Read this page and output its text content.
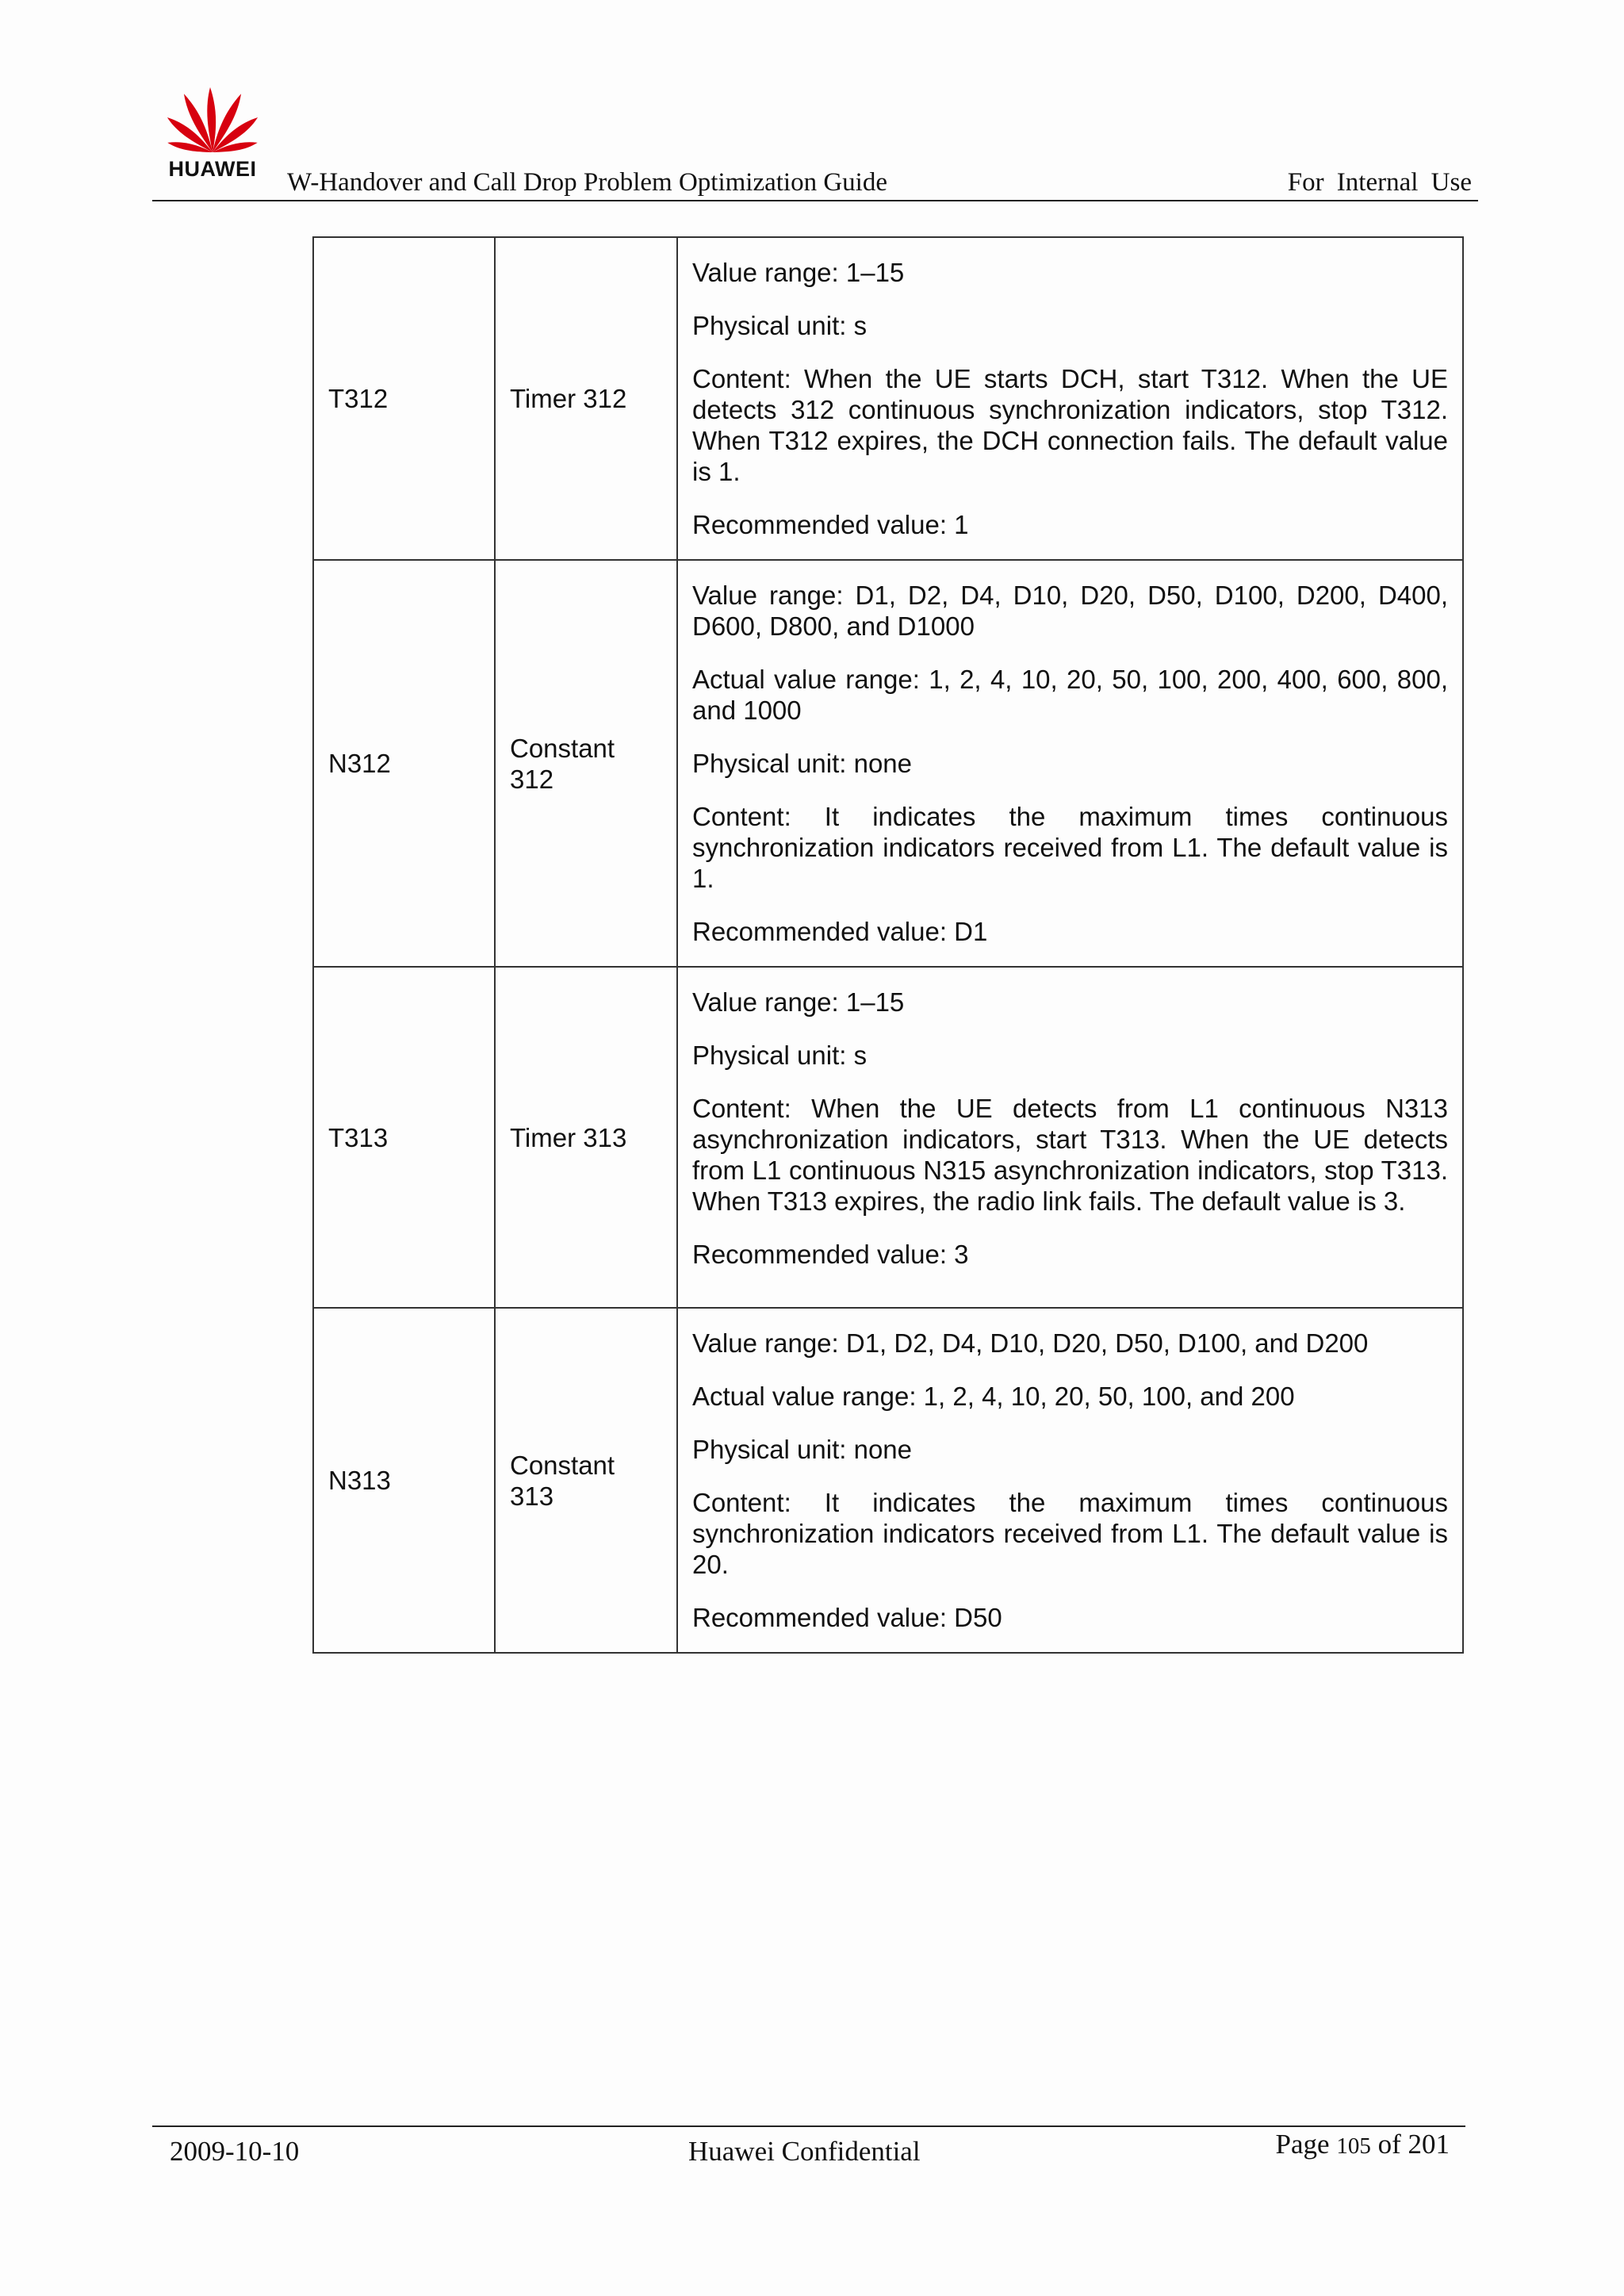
HUAWEI	W-Handover and Call Drop Problem Optimization Guide	For Internal Use
T312	Timer 312	Value range: 1–15

Physical unit: s

Content: When the UE starts DCH, start T312. When the UE detects 312 continuous synchronization indicators, stop T312. When T312 expires, the DCH connection fails. The default value is 1.

Recommended value: 1

N312	Constant 312	Value range: D1, D2, D4, D10, D20, D50, D100, D200, D400, D600, D800, and D1000

Actual value range: 1, 2, 4, 10, 20, 50, 100, 200, 400, 600, 800, and 1000

Physical unit: none

Content: It indicates the maximum times continuous synchronization indicators received from L1. The default value is 1.

Recommended value: D1

T313	Timer 313	Value range: 1–15

Physical unit: s

Content: When the UE detects from L1 continuous N313 asynchronization indicators, start T313. When the UE detects from L1 continuous N315 asynchronization indicators, stop T313. When T313 expires, the radio link fails. The default value is 3.

Recommended value: 3

N313	Constant 313	Value range: D1, D2, D4, D10, D20, D50, D100, and D200

Actual value range: 1, 2, 4, 10, 20, 50, 100, and 200

Physical unit: none

Content: It indicates the maximum times continuous synchronization indicators received from L1. The default value is 20.

Recommended value: D50

2009-10-10	Huawei Confidential	Page 105 of 201
